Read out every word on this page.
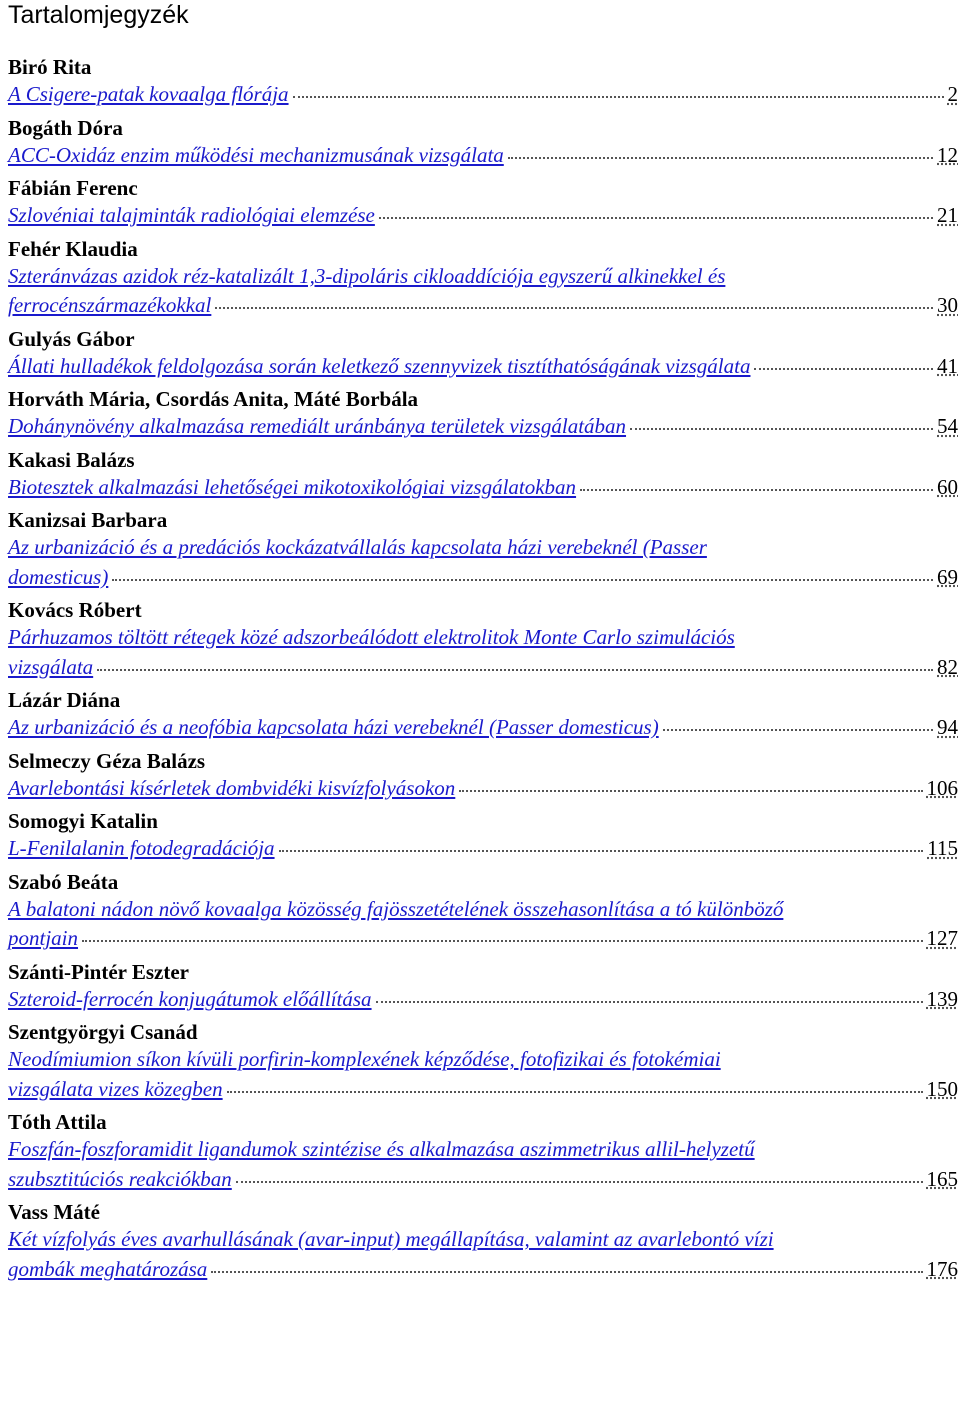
Tartalomjegyzék
Biró Rita
A Csigere-patak kovaalga flórája	2
Bogáth Dóra
ACC-Oxidáz enzim működési mechanizmusának vizsgálata	12
Fábián Ferenc
Szlovéniai talajminták radiológiai elemzése	21
Fehér Klaudia
Szteránvázas azidok réz-katalizált 1,3-dipoláris cikloaddíciója egyszerű alkinekkel és
ferrocénszármazékokkal	30
Gulyás Gábor
Állati hulladékok feldolgozása során keletkező szennyvizek tisztíthatóságának vizsgálata	41
Horváth Mária, Csordás Anita, Máté Borbála
Dohánynövény alkalmazása remediált uránbánya területek vizsgálatában	54
Kakasi Balázs
Biotesztek alkalmazási lehetőségei mikotoxikológiai vizsgálatokban	60
Kanizsai Barbara
Az urbanizáció és a predációs kockázatvállalás kapcsolata házi verebeknél (Passer
domesticus)	69
Kovács Róbert
Párhuzamos töltött rétegek közé adszorbeálódott elektrolitok Monte Carlo szimulációs
vizsgálata	82
Lázár Diána
Az urbanizáció és a neofóbia kapcsolata házi verebeknél (Passer domesticus)	94
Selmeczy Géza Balázs
Avarlebontási kísérletek dombvidéki kisvízfolyásokon	106
Somogyi Katalin
L-Fenilalanin fotodegradációja	115
Szabó Beáta
A balatoni nádon növő kovaalga közösség fajösszetételének összehasonlítása a tó különböző
pontjain	127
Szánti-Pintér Eszter
Szteroid-ferrocén konjugátumok előállítása	139
Szentgyörgyi Csanád
Neodímiumion síkon kívüli porfirin-komplexének képződése, fotofizikai és fotokémiai
vizsgálata vizes közegben	150
Tóth Attila
Foszfán-foszforamidit ligandumok szintézise és alkalmazása aszimmetrikus allil-helyzetű
szubsztitúciós reakciókban	165
Vass Máté
Két vízfolyás éves avarhullásának (avar-input) megállapítása, valamint az avarlebontó vízi
gombák meghatározása	176
